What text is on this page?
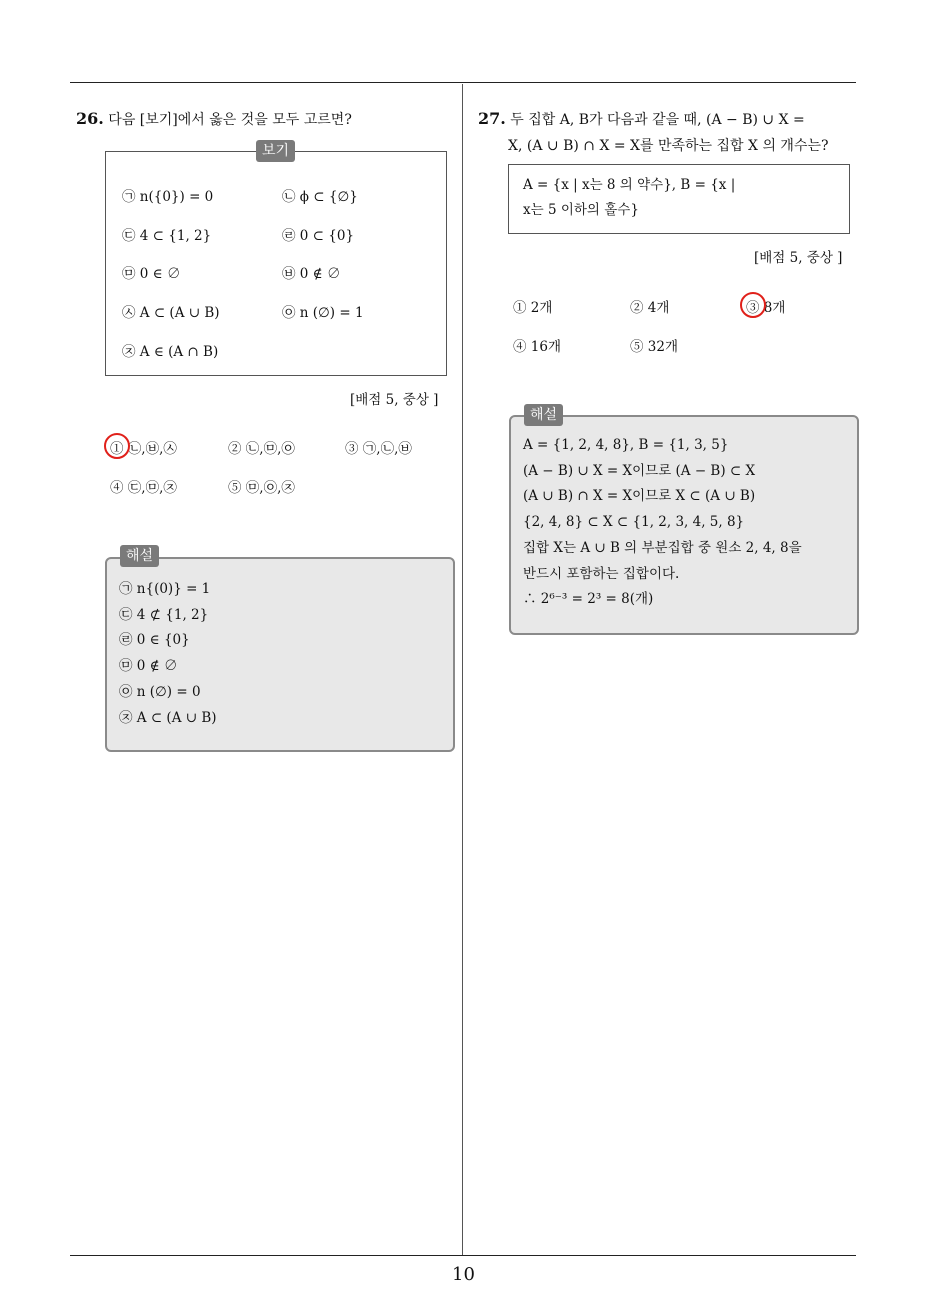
26. 다음 [보기]에서 옳은 것을 모두 고르면?
보기
㉠ n({0}) = 0	㉡ ϕ ⊂ {∅}
㉢ 4 ⊂ {1, 2}	㉣ 0 ⊂ {0}
㉤ 0 ∈ ∅	㉥ 0 ∉ ∅
㉦ A ⊂ (A ∪ B)	㉧ n (∅) = 1
㉨ A ∈ (A ∩ B)
[배점 5, 중상 ]
① ㉡,㉥,㉦	② ㉡,㉤,㉧	③ ㉠,㉡,㉥
④ ㉢,㉤,㉨	⑤ ㉤,㉧,㉨
㉠ n{(0)} = 1
㉢ 4 ⊄ {1, 2}
㉣ 0 ∈ {0}
㉤ 0 ∉ ∅
㉧ n (∅) = 0
㉨ A ⊂ (A ∪ B)
해설
27. 두 집합 A, B가 다음과 같을 때, (A − B) ∪ X =
X, (A ∪ B) ∩ X = X를 만족하는 집합 X 의 개수는?
A = {x | x는 8 의 약수}, B = {x |
x는 5 이하의 홀수}
[배점 5, 중상 ]
① 2개	② 4개	③ 8개
④ 16개	⑤ 32개
A = {1, 2, 4, 8}, B = {1, 3, 5}
(A − B) ∪ X = X이므로 (A − B) ⊂ X
(A ∪ B) ∩ X = X이므로 X ⊂ (A ∪ B)
{2, 4, 8} ⊂ X ⊂ {1, 2, 3, 4, 5, 8}
집합 X는 A ∪ B 의 부분집합 중 원소 2, 4, 8을
반드시 포함하는 집합이다.
∴ 2⁶⁻³ = 2³ = 8(개)
해설
10
